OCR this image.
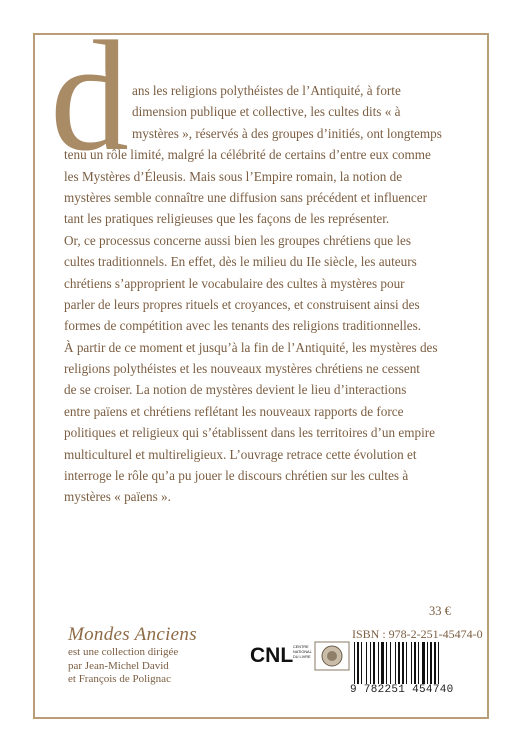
d ans les religions polythéistes de l’Antiquité, à forte
dimension publique et collective, les cultes dits « à
mystères », réservés à des groupes d’initiés, ont longtemps
tenu un rôle limité, malgré la célébrité de certains d’entre eux comme
les Mystères d’Éleusis. Mais sous l’Empire romain, la notion de
mystères semble connaître une diffusion sans précédent et influencer
tant les pratiques religieuses que les façons de les représenter.
Or, ce processus concerne aussi bien les groupes chrétiens que les
cultes traditionnels. En effet, dès le milieu du IIe siècle, les auteurs
chrétiens s’approprient le vocabulaire des cultes à mystères pour
parler de leurs propres rituels et croyances, et construisent ainsi des
formes de compétition avec les tenants des religions traditionnelles.
À partir de ce moment et jusqu’à la fin de l’Antiquité, les mystères des
religions polythéistes et les nouveaux mystères chrétiens ne cessent
de se croiser. La notion de mystères devient le lieu d’interactions
entre païens et chrétiens reflétant les nouveaux rapports de force
politiques et religieux qui s’établissent dans les territoires d’un empire
multiculturel et multireligieux. L’ouvrage retrace cette évolution et
interroge le rôle qu’a pu jouer le discours chrétien sur les cultes à
mystères « païens ».
33 €
Mondes Anciens
est une collection dirigée
par Jean-Michel David
et François de Polignac
CNL CENTRE
NATIONAL
DU LIVRE
ISBN : 978-2-251-45474-0
9 782251 454740
